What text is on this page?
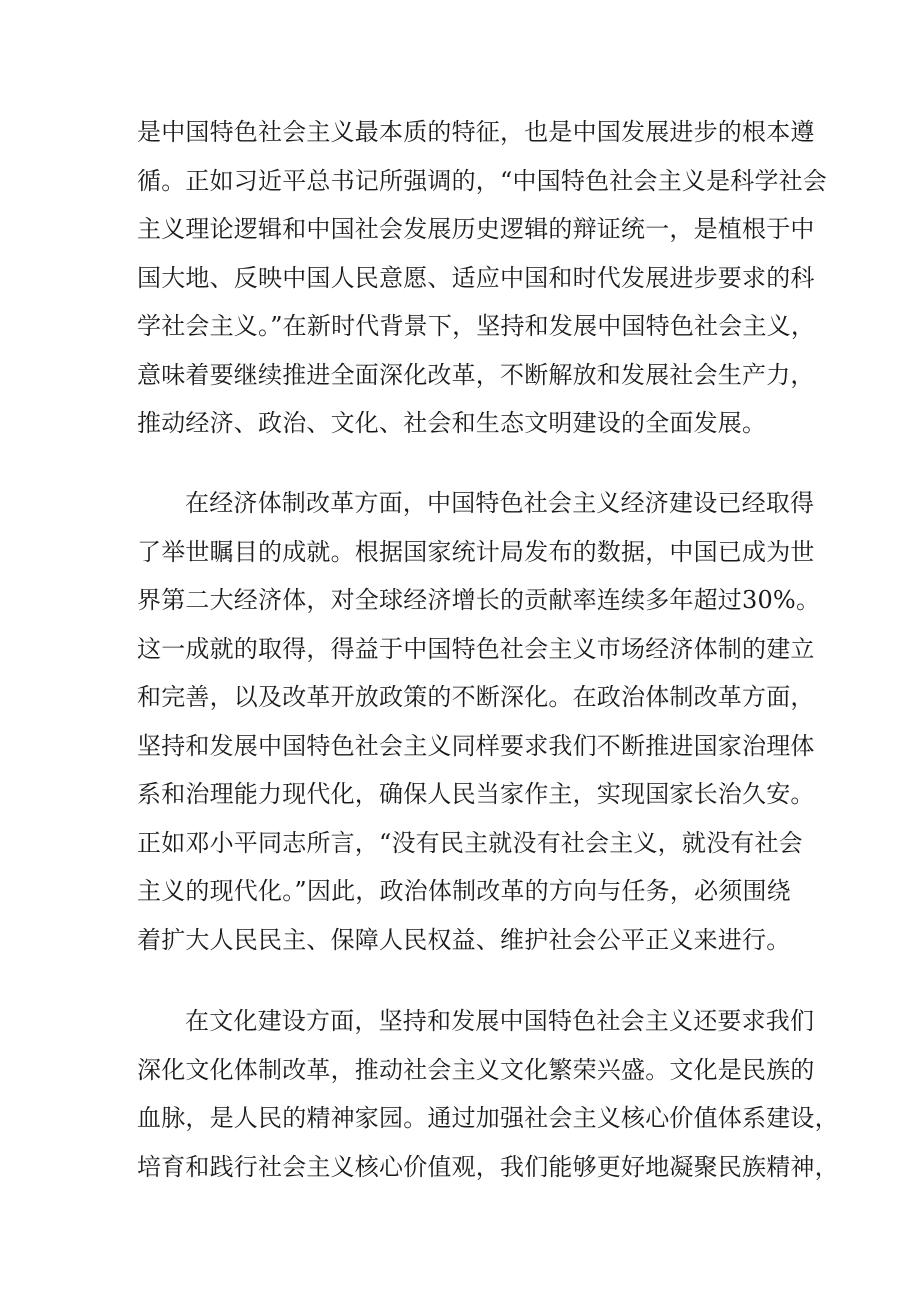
是中国特色社会主义最本质的特征，也是中国发展进步的根本遵
循。正如习近平总书记所强调的，“中国特色社会主义是科学社会
主义理论逻辑和中国社会发展历史逻辑的辩证统一，是植根于中
国大地、反映中国人民意愿、适应中国和时代发展进步要求的科
学社会主义。”在新时代背景下，坚持和发展中国特色社会主义，
意味着要继续推进全面深化改革，不断解放和发展社会生产力，
推动经济、政治、文化、社会和生态文明建设的全面发展。
在经济体制改革方面，中国特色社会主义经济建设已经取得
了举世瞩目的成就。根据国家统计局发布的数据，中国已成为世
界第二大经济体，对全球经济增长的贡献率连续多年超过30%。
这一成就的取得，得益于中国特色社会主义市场经济体制的建立
和完善，以及改革开放政策的不断深化。在政治体制改革方面，
坚持和发展中国特色社会主义同样要求我们不断推进国家治理体
系和治理能力现代化，确保人民当家作主，实现国家长治久安。
正如邓小平同志所言，“没有民主就没有社会主义，就没有社会
主义的现代化。”因此，政治体制改革的方向与任务，必须围绕
着扩大人民民主、保障人民权益、维护社会公平正义来进行。
在文化建设方面，坚持和发展中国特色社会主义还要求我们
深化文化体制改革，推动社会主义文化繁荣兴盛。文化是民族的
血脉，是人民的精神家园。通过加强社会主义核心价值体系建设，
培育和践行社会主义核心价值观，我们能够更好地凝聚民族精神，
